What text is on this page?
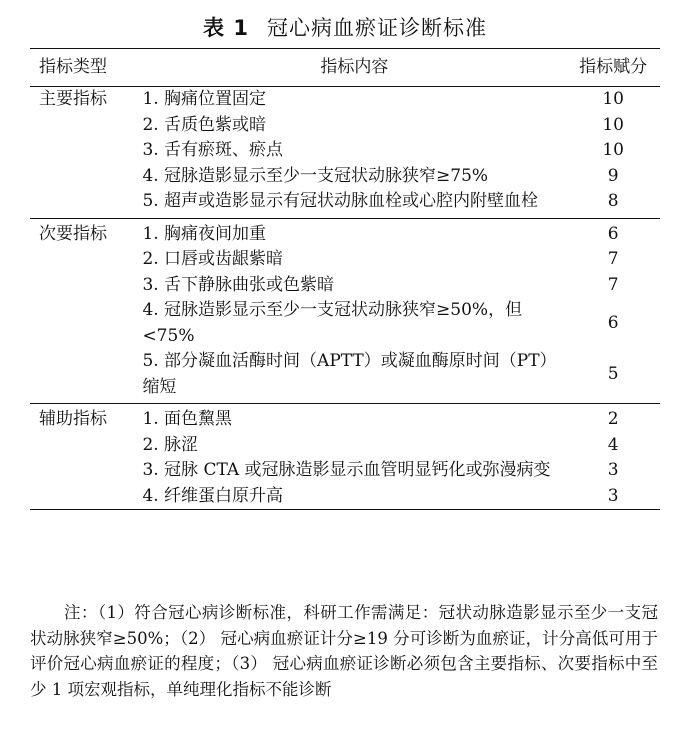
表 1 冠心病血瘀证诊断标准
指标类型	指标内容	指标赋分
主要指标	1. 胸痛位置固定	10
	2. 舌质色紫或暗	10
	3. 舌有瘀斑、瘀点	10
	4. 冠脉造影显示至少一支冠状动脉狭窄≥75%	9
	5. 超声或造影显示有冠状动脉血栓或心腔内附壁血栓	8
次要指标	1. 胸痛夜间加重	6
	2. 口唇或齿龈紫暗	7
	3. 舌下静脉曲张或色紫暗	7
	4. 冠脉造影显示至少一支冠状动脉狭窄≥50%，但<75%	6
	5. 部分凝血活酶时间（APTT）或凝血酶原时间（PT）缩短	5
辅助指标	1. 面色黧黑	2
	2. 脉涩	4
	3. 冠脉 CTA 或冠脉造影显示血管明显钙化或弥漫病变	3
	4. 纤维蛋白原升高	3
注：（1）符合冠心病诊断标准，科研工作需满足：冠状动脉造影显示至少一支冠状动脉狭窄≥50%；（2） 冠心病血瘀证计分≥19 分可诊断为血瘀证，计分高低可用于评价冠心病血瘀证的程度；（3） 冠心病血瘀证诊断必须包含主要指标、次要指标中至少 1 项宏观指标，单纯理化指标不能诊断
